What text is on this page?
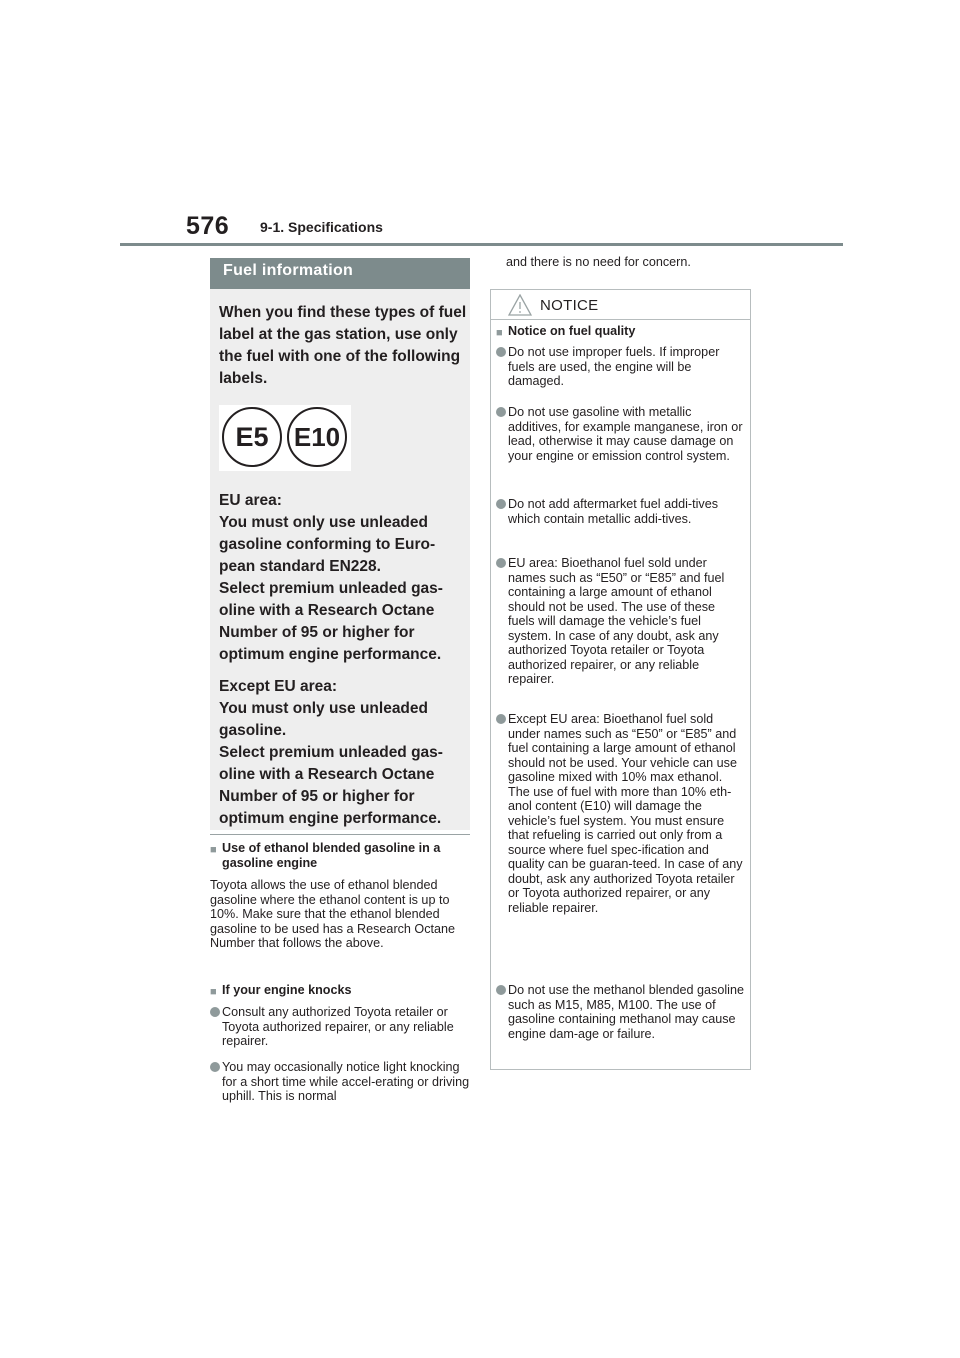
576 9-1. Specifications
Fuel information

When you find these types of fuel label at the gas station, use only the fuel with one of the following labels.

EU area:

You must only use unleaded gasoline conforming to Euro-pean standard EN228.

Select premium unleaded gas-oline with a Research Octane Number of 95 or higher for optimum engine performance.

Except EU area:

You must only use unleaded gasoline.

Select premium unleaded gas-oline with a Research Octane Number of 95 or higher for optimum engine performance.

E5 E10
■ Use of ethanol blended gasoline in a gasoline engine
Toyota allows the use of ethanol blended gasoline where the ethanol content is up to 10%. Make sure that the ethanol blended gasoline to be used has a Research Octane Number that follows the above.
■ If your engine knocks
Consult any authorized Toyota retailer or Toyota authorized repairer, or any reliable repairer.
You may occasionally notice light knocking for a short time while accel-erating or driving uphill. This is normal
and there is no need for concern.
NOTICE
■ Notice on fuel quality
Do not use improper fuels. If improper fuels are used, the engine will be damaged.
Do not use gasoline with metallic additives, for example manganese, iron or lead, otherwise it may cause damage on your engine or emission control system.
Do not add aftermarket fuel addi-tives which contain metallic addi-tives.
EU area: Bioethanol fuel sold under names such as “E50” or “E85” and fuel containing a large amount of ethanol should not be used. The use of these fuels will damage the vehicle’s fuel system. In case of any doubt, ask any authorized Toyota retailer or Toyota authorized repairer, or any reliable repairer.
Except EU area: Bioethanol fuel sold under names such as “E50” or “E85” and fuel containing a large amount of ethanol should not be used. Your vehicle can use gasoline mixed with 10% max ethanol. The use of fuel with more than 10% eth-anol content (E10) will damage the vehicle’s fuel system. You must ensure that refueling is carried out only from a source where fuel spec-ification and quality can be guaran-teed. In case of any doubt, ask any authorized Toyota retailer or Toyota authorized repairer, or any reliable repairer.
Do not use the methanol blended gasoline such as M15, M85, M100. The use of gasoline containing methanol may cause engine dam-age or failure.
